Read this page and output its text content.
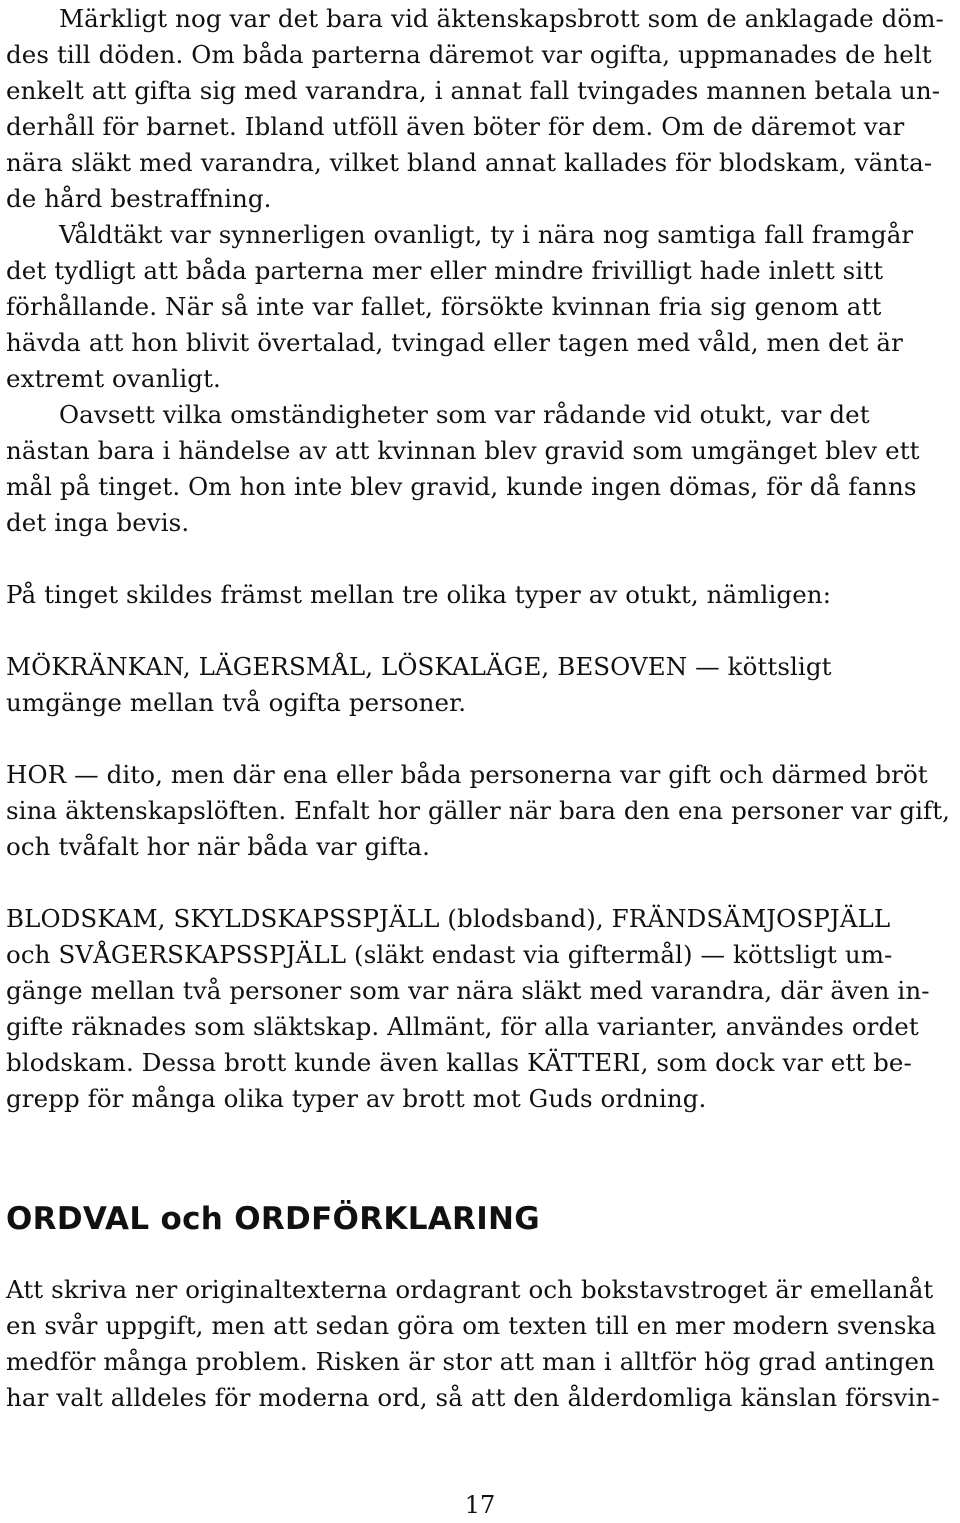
Märkligt nog var det bara vid äktenskapsbrott som de anklagade döm-
des till döden. Om båda parterna däremot var ogifta, uppmanades de helt
enkelt att gifta sig med varandra, i annat fall tvingades mannen betala un-
derhåll för barnet. Ibland utföll även böter för dem. Om de däremot var
nära släkt med varandra, vilket bland annat kallades för blodskam, vänta-
de hård bestraffning.

Våldtäkt var synnerligen ovanligt, ty i nära nog samtiga fall framgår
det tydligt att båda parterna mer eller mindre frivilligt hade inlett sitt
förhållande. När så inte var fallet, försökte kvinnan fria sig genom att
hävda att hon blivit övertalad, tvingad eller tagen med våld, men det är
extremt ovanligt.

Oavsett vilka omständigheter som var rådande vid otukt, var det
nästan bara i händelse av att kvinnan blev gravid som umgänget blev ett
mål på tinget. Om hon inte blev gravid, kunde ingen dömas, för då fanns
det inga bevis.

På tinget skildes främst mellan tre olika typer av otukt, nämligen:

MÖKRÄNKAN, LÄGERSMÅL, LÖSKALÄGE, BESOVEN — köttsligt
umgänge mellan två ogifta personer.

HOR — dito, men där ena eller båda personerna var gift och därmed bröt
sina äktenskapslöften. Enfalt hor gäller när bara den ena personer var gift,
och tvåfalt hor när båda var gifta.

BLODSKAM, SKYLDSKAPSSPJÄLL (blodsband), FRÄNDSÄMJOSPJÄLL
och SVÅGERSKAPSSPJÄLL (släkt endast via giftermål) — köttsligt um-
gänge mellan två personer som var nära släkt med varandra, där även in-
gifte räknades som släktskap. Allmänt, för alla varianter, användes ordet
blodskam. Dessa brott kunde även kallas KÄTTERI, som dock var ett be-
grepp för många olika typer av brott mot Guds ordning.

ORDVAL och ORDFÖRKLARING

Att skriva ner originaltexterna ordagrant och bokstavstroget är emellanåt
en svår uppgift, men att sedan göra om texten till en mer modern svenska
medför många problem. Risken är stor att man i alltför hög grad antingen
har valt alldeles för moderna ord, så att den ålderdomliga känslan försvin-

17
